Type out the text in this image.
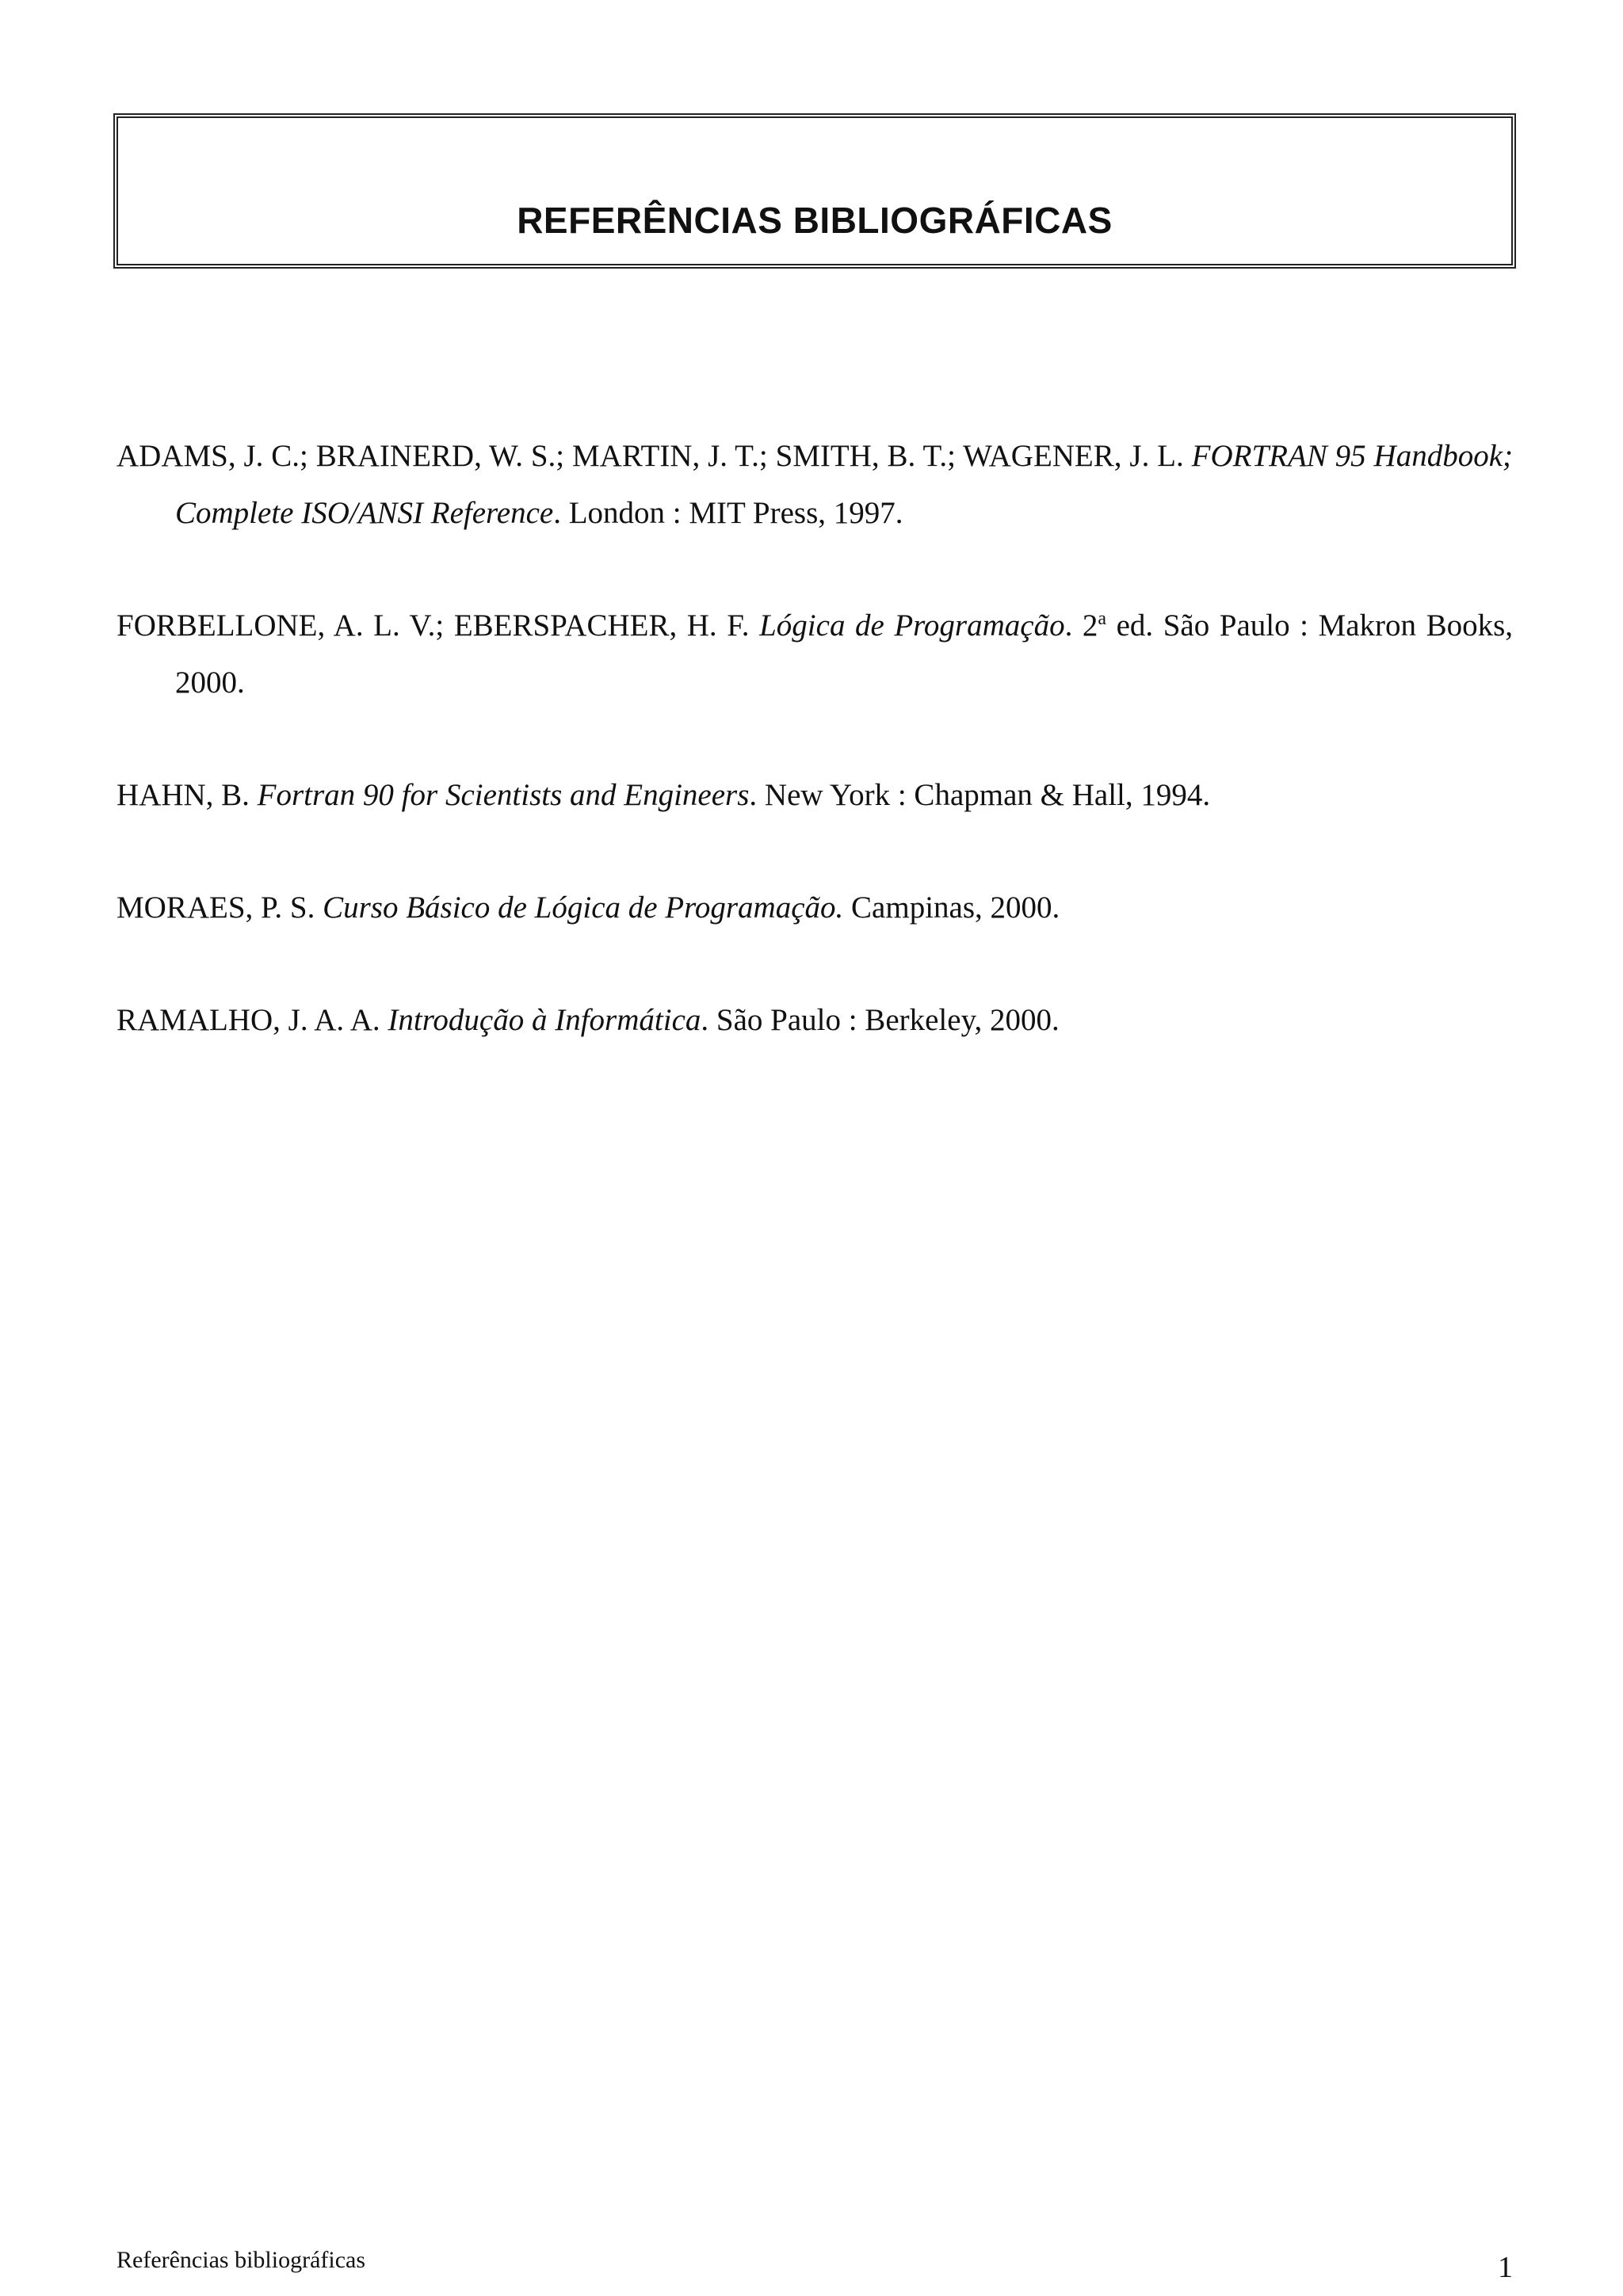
REFERÊNCIAS BIBLIOGRÁFICAS

ADAMS, J. C.; BRAINERD, W. S.; MARTIN, J. T.; SMITH, B. T.; WAGENER, J. L. FORTRAN 95 Handbook; Complete ISO/ANSI Reference. London : MIT Press, 1997.

FORBELLONE, A. L. V.; EBERSPACHER, H. F. Lógica de Programação. 2$^a$ ed. São Paulo : Makron Books, 2000.

HAHN, B. Fortran 90 for Scientists and Engineers. New York : Chapman & Hall, 1994.

MORAES, P. S. Curso Básico de Lógica de Programação. Campinas, 2000.

RAMALHO, J. A. A. Introdução à Informática. São Paulo : Berkeley, 2000.

Referências bibliográficas	1
